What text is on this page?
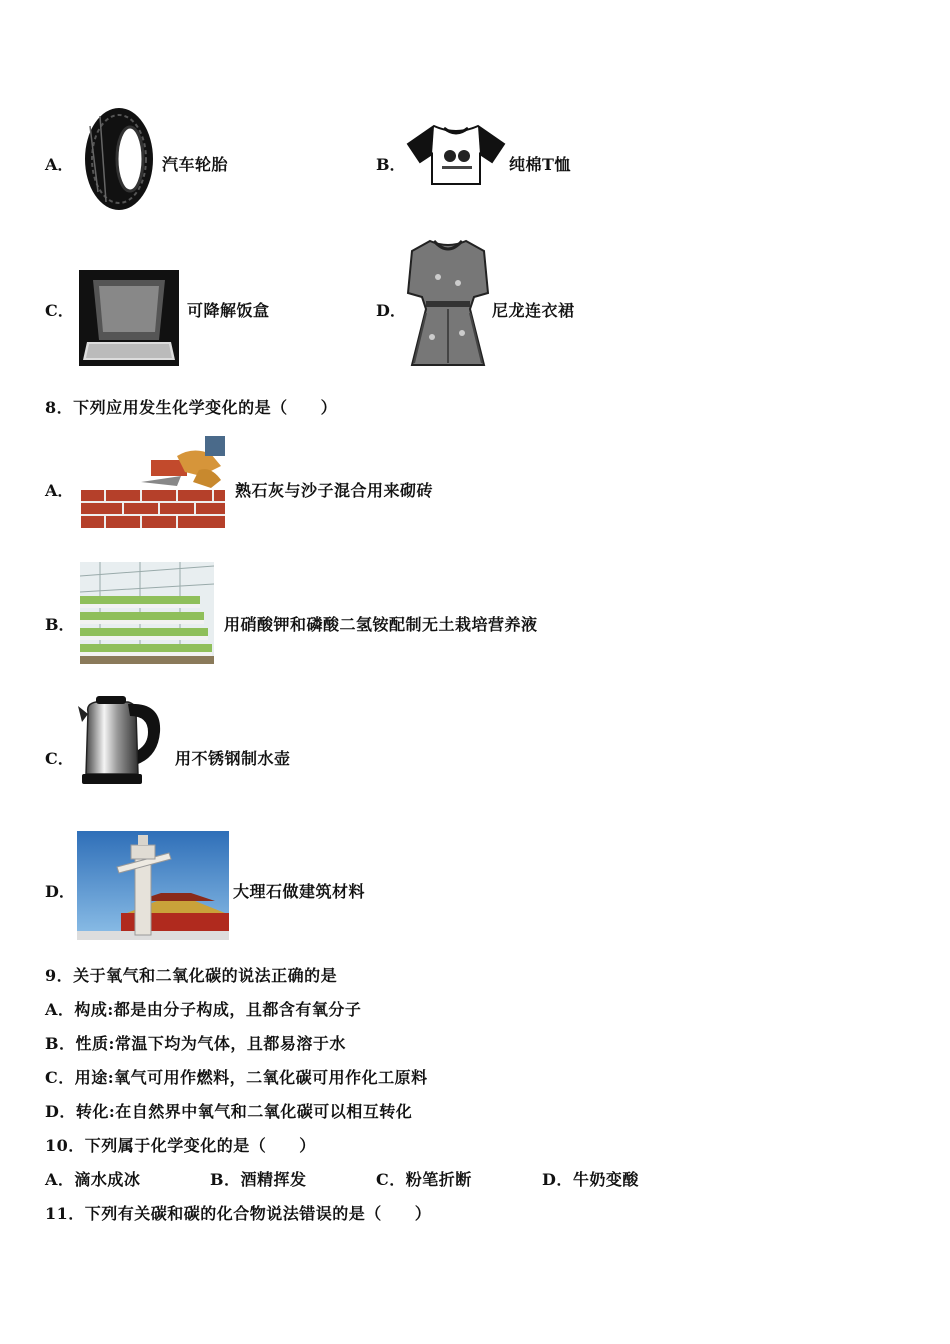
A．	汽车轮胎	B．	纯棉T恤
C．	可降解饭盒	D．	尼龙连衣裙
8．下列应用发生化学变化的是（　　）
A．	熟石灰与沙子混合用来砌砖
B．	用硝酸钾和磷酸二氢铵配制无土栽培营养液
C．	用不锈钢制水壶
D．	大理石做建筑材料
9．关于氧气和二氧化碳的说法正确的是
A．构成:都是由分子构成，且都含有氧分子
B．性质:常温下均为气体，且都易溶于水
C．用途:氧气可用作燃料，二氧化碳可用作化工原料
D．转化:在自然界中氧气和二氧化碳可以相互转化
10．下列属于化学变化的是（　　）
A．滴水成冰	B．酒精挥发	C．粉笔折断	D．牛奶变酸
11．下列有关碳和碳的化合物说法错误的是（　　）
